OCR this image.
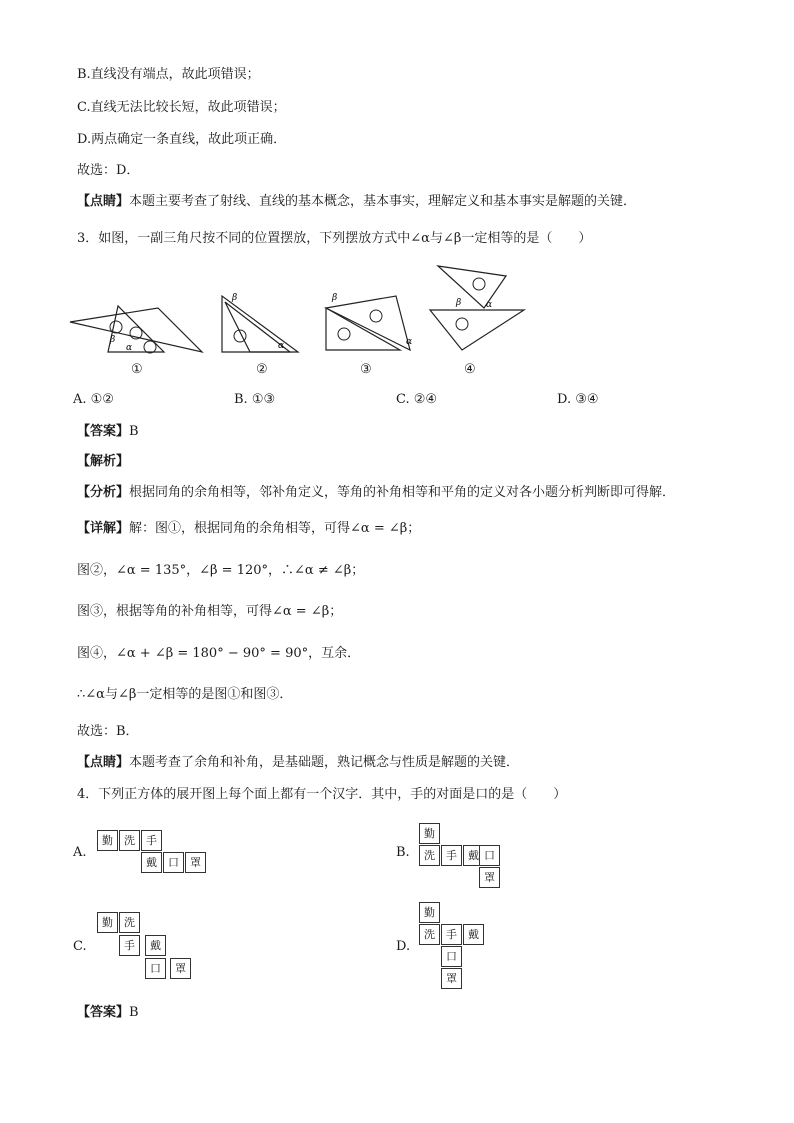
B.直线没有端点，故此项错误；
C.直线无法比较长短，故此项错误；
D.两点确定一条直线，故此项正确．
故选：D．
【点睛】本题主要考查了射线、直线的基本概念，基本事实，理解定义和基本事实是解题的关键．
3．如图，一副三角尺按不同的位置摆放，下列摆放方式中∠α与∠β一定相等的是（　　）
β
α
①
β
α
②
β
α
③
β	α
④
A. ①②	B. ①③	C. ②④	D. ③④
【答案】B
【解析】
【分析】根据同角的余角相等，邻补角定义，等角的补角相等和平角的定义对各小题分析判断即可得解．
【详解】解：图①，根据同角的余角相等，可得∠α = ∠β；
图②，∠α = 135°，∠β = 120°，∴∠α ≠ ∠β；
图③，根据等角的补角相等，可得∠α = ∠β；
图④，∠α + ∠β = 180° − 90° = 90°，互余．
∴∠α与∠β一定相等的是图①和图③．
故选：B．
【点睛】本题考查了余角和补角，是基础题，熟记概念与性质是解题的关键．
4．下列正方体的展开图上每个面上都有一个汉字．其中，手的对面是口的是（　　）
A.
勤	洗	手
戴	口	罩
B.
勤
洗	手	戴 口
罩
C.
勤	洗
手	戴
口	罩
D.
勤
洗	手	戴
口
罩
【答案】B
